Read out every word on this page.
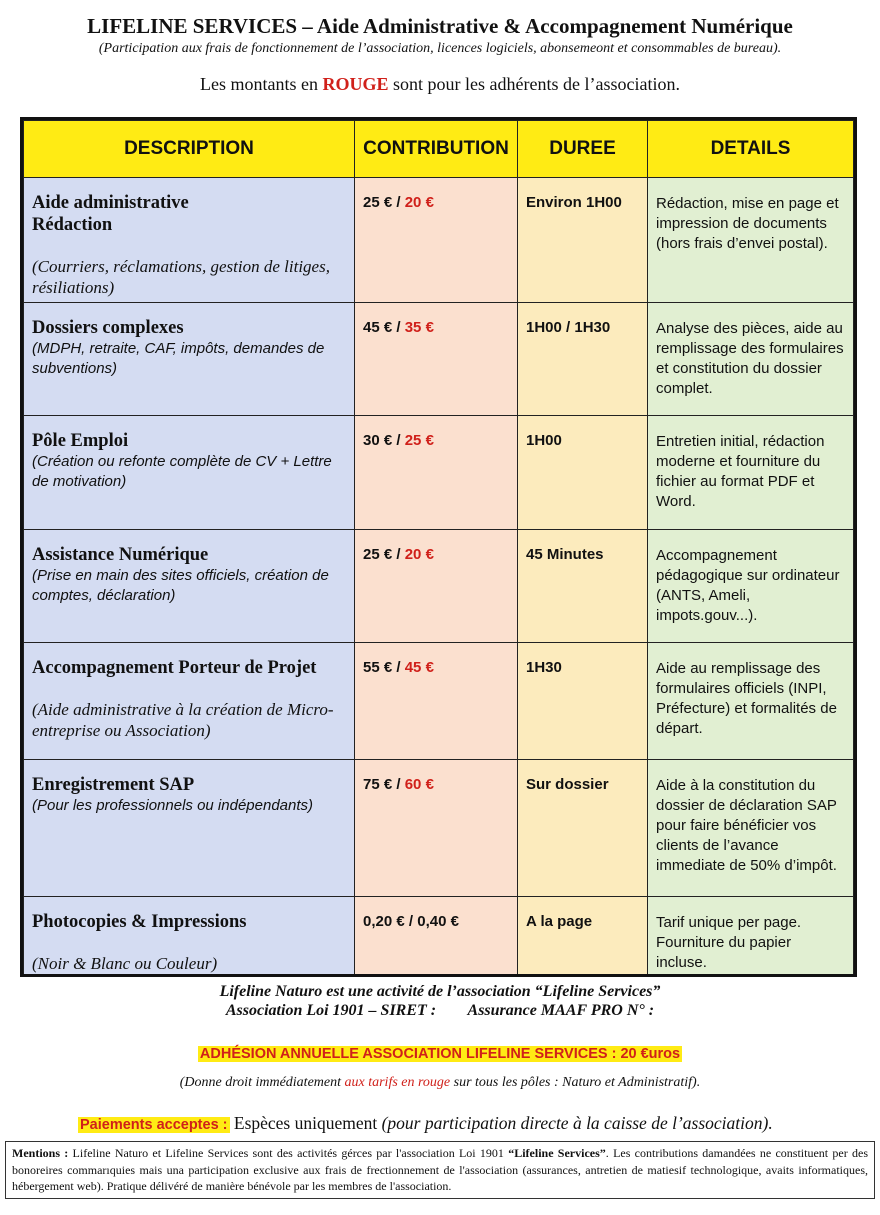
LIFELINE SERVICES – Aide Administrative & Accompagnement Numérique
(Participation aux frais de fonctionnement de l’association, licences logiciels, abonsemeont et consommables de bureau).
Les montants en ROUGE sont pour les adhérents de l’association.
DESCRIPTION	CONTRIBUTION	DUREE	DETAILS

Aide administrative
Rédaction
(Courriers, réclamations, gestion de litiges, résiliations)	25 € / 20 €	Environ 1H00	Rédaction, mise en page et impression de documents (hors frais d’envei postal).

Dossiers complexes
(MDPH, retraite, CAF, impôts, demandes de subventions)	45 € / 35 €	1H00 / 1H30	Analyse des pièces, aide au remplissage des formulaires et constitution du dossier complet.

Pôle Emploi
(Création ou refonte complète de CV + Lettre de motivation)	30 € / 25 €	1H00	Entretien initial, rédaction moderne et fourniture du fichier au format PDF et Word.

Assistance Numérique
(Prise en main des sites officiels, création de comptes, déclaration)	25 € / 20 €	45 Minutes	Accompagnement pédagogique sur ordinateur (ANTS, Ameli, impots.gouv...).

Accompagnement Porteur de Projet
(Aide administrative à la création de Micro-entreprise ou Association)	55 € / 45 €	1H30	Aide au remplissage des formulaires officiels (INPI, Préfecture) et formalités de départ.

Enregistrement SAP
(Pour les professionnels ou indépendants)	75 € / 60 €	Sur dossier	Aide à la constitution du dossier de déclaration SAP pour faire bénéficier vos clients de l’avance immediate de 50% d’impôt.

Photocopies & Impressions
(Noir & Blanc ou Couleur)	0,20 € / 0,40 €	A la page	Tarif unique per page. Fourniture du papier incluse.
Lifeline Naturo est une activité de l’association “Lifeline Services”
Association Loi 1901 – SIRET :        Assurance MAAF PRO N° :
ADHÉSION ANNUELLE ASSOCIATION LIFELINE SERVICES : 20 €uros
(Donne droit immédiatement aux tarifs en rouge sur tous les pôles : Naturo et Administratif).
Paiements acceptes : Espèces uniquement (pour participation directe à la caisse de l’association).
Mentions : Lifeline Naturo et Lifeline Services sont des activités gérces par l'association Loi 1901 “Lifeline Services”. Les contributions damandées ne constituent per des bonoreires commarıquies mais una participation exclusive aux frais de frectionnement de l'association (assurances, antretien de matiesif technologique, avaits informatiques, hébergement web). Pratique délivéré de manière bénévole par les membres de l'association.
